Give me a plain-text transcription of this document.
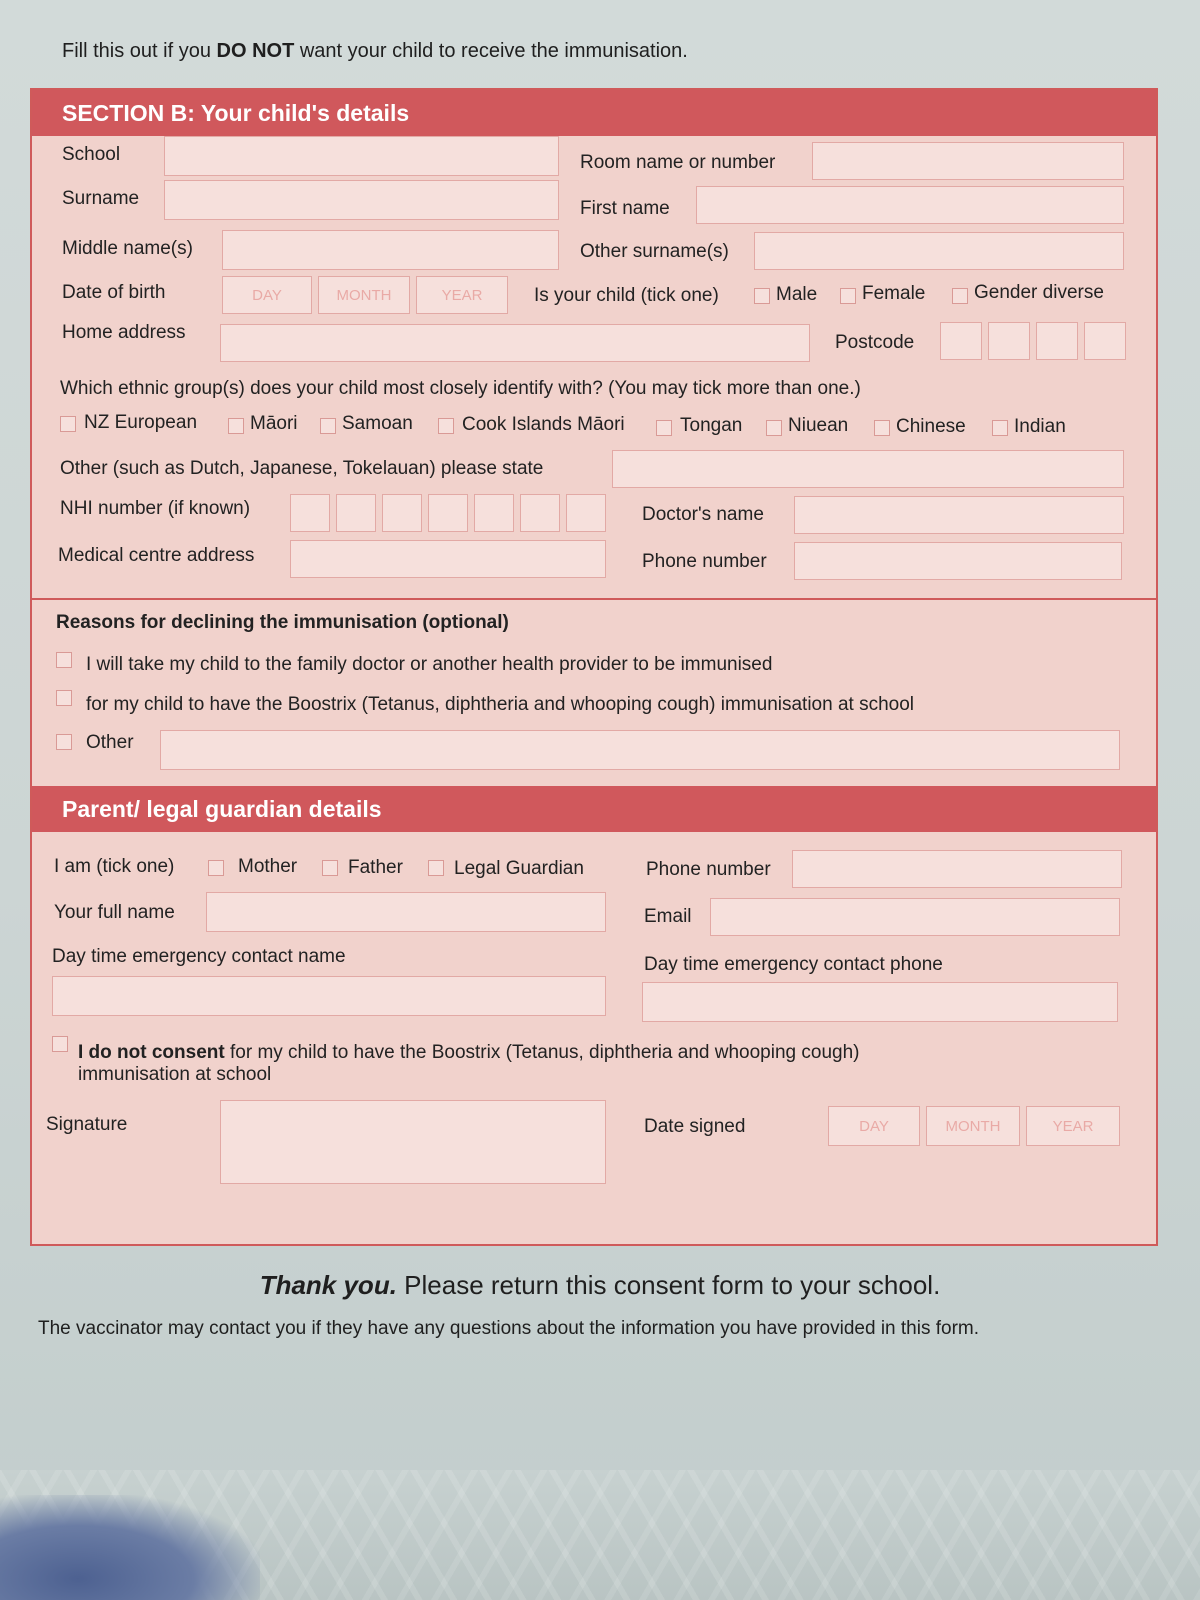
Fill this out if you DO NOT want your child to receive the immunisation.
SECTION B: Your child's details
School	Room name or number
Surname	First name
Middle name(s)	Other surname(s)
Date of birth	DAY	MONTH	YEAR	Is your child (tick one)	Male Female	Gender diverse
Home address	Postcode
Which ethnic group(s) does your child most closely identify with? (You may tick more than one.)
NZ European	Māori Samoan	Cook Islands Māori	Tongan Niuean	Chinese	Indian
Other (such as Dutch, Japanese, Tokelauan) please state
NHI number (if known)	Doctor's name
Medical centre address	Phone number
Reasons for declining the immunisation (optional)
I will take my child to the family doctor or another health provider to be immunised
for my child to have the Boostrix (Tetanus, diphtheria and whooping cough) immunisation at school
Other
Parent/ legal guardian details
I am (tick one)	Mother	Father	Legal Guardian	Phone number
Your full name	Email
Day time emergency contact name	Day time emergency contact phone
I do not consent for my child to have the Boostrix (Tetanus, diphtheria and whooping cough)
immunisation at school
Signature	Date signed	DAY	MONTH	YEAR
Thank you. Please return this consent form to your school.
The vaccinator may contact you if they have any questions about the information you have provided in this form.
